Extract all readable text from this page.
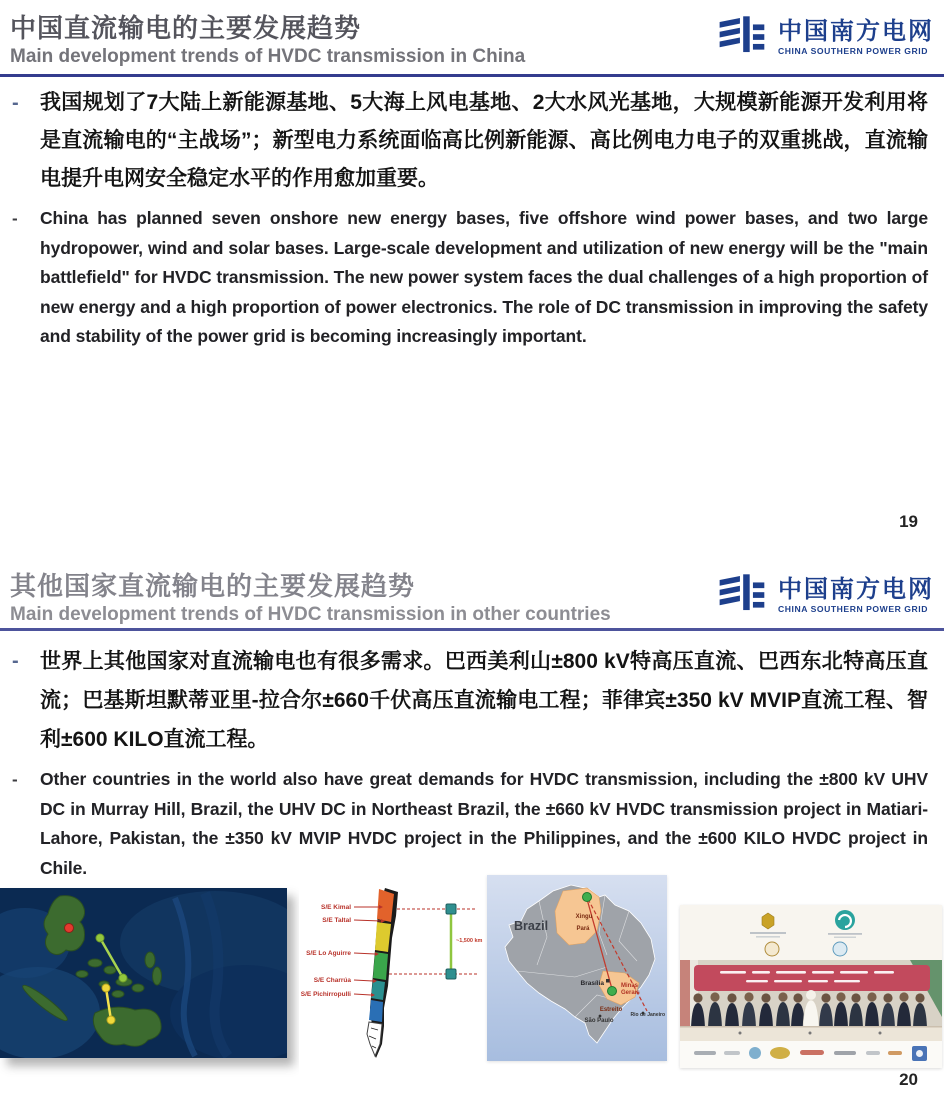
中国直流输电的主要发展趋势
Main development trends of HVDC transmission in China
中国南方电网
CHINA SOUTHERN POWER GRID
-	我国规划了7大陆上新能源基地、5大海上风电基地、2大水风光基地，大规模新能源开发利用将是直流输电的“主战场”；新型电力系统面临高比例新能源、高比例电力电子的双重挑战，直流输电提升电网安全稳定水平的作用愈加重要。

-	China has planned seven onshore new energy bases, five offshore wind power bases, and two large hydropower, wind and solar bases. Large-scale development and utilization of new energy will be the "main battlefield" for HVDC transmission. The new power system faces the dual challenges of a high proportion of new energy and a high proportion of power electronics. The role of DC transmission in improving the safety and stability of the power grid is becoming increasingly important.

19
其他国家直流输电的主要发展趋势
Main development trends of HVDC transmission in other countries
中国南方电网
CHINA SOUTHERN POWER GRID
-	世界上其他国家对直流输电也有很多需求。巴西美利山±800 kV特高压直流、巴西东北特高压直流；巴基斯坦默蒂亚里-拉合尔±660千伏高压直流输电工程；菲律宾±350 kV MVIP直流工程、智利±600 KILO直流工程。

-	Other countries in the world also have great demands for HVDC transmission, including the ±800 kV UHV DC in Murray Hill, Brazil, the UHV DC in Northeast Brazil, the ±660 kV HVDC transmission project in Matiari-Lahore, Pakistan, the ±350 kV MVIP HVDC project in the Philippines, and the ±600 KILO HVDC project in Chile.

S/E Kimal
S/E Taltal
S/E Lo Aguirre
S/E Charrúa
S/E Pichirropulli
~1,500 km
Brazil
Xingu
Pará
Brasília	Minas
Gerais
Estreito
São Paulo
Rio de Janeiro
20
